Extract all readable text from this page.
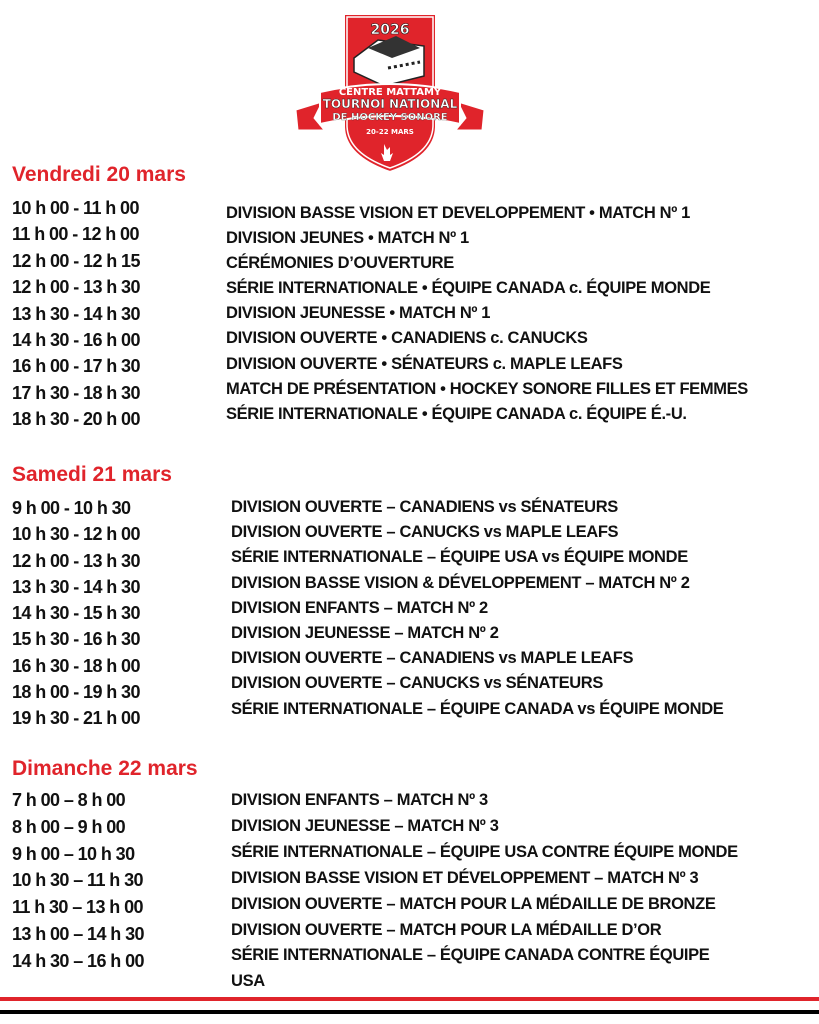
2026
CENTRE MATTAMY
TOURNOI NATIONAL
DE HOCKEY SONORE
20-22 MARS
Vendredi 20 mars
10 h 00 - 11 h 00
11 h 00 - 12 h 00
12 h 00 - 12 h 15
12 h 00 - 13 h 30
13 h 30 - 14 h 30
14 h 30 - 16 h 00
16 h 00 - 17 h 30
17 h 30 - 18 h 30
18 h 30 - 20 h 00
DIVISION BASSE VISION ET DEVELOPPEMENT • MATCH Nº 1
DIVISION JEUNES • MATCH Nº 1
CÉRÉMONIES D’OUVERTURE
SÉRIE INTERNATIONALE • ÉQUIPE CANADA c. ÉQUIPE MONDE
DIVISION JEUNESSE • MATCH Nº 1
DIVISION OUVERTE • CANADIENS c. CANUCKS
DIVISION OUVERTE • SÉNATEURS c. MAPLE LEAFS
MATCH DE PRÉSENTATION • HOCKEY SONORE FILLES ET FEMMES
SÉRIE INTERNATIONALE • ÉQUIPE CANADA c. ÉQUIPE É.-U.
Samedi 21 mars
9 h 00 - 10 h 30
10 h 30 - 12 h 00
12 h 00 - 13 h 30
13 h 30 - 14 h 30
14 h 30 - 15 h 30
15 h 30 - 16 h 30
16 h 30 - 18 h 00
18 h 00 - 19 h 30
19 h 30 - 21 h 00
DIVISION OUVERTE – CANADIENS vs SÉNATEURS
DIVISION OUVERTE – CANUCKS vs MAPLE LEAFS
SÉRIE INTERNATIONALE – ÉQUIPE USA vs ÉQUIPE MONDE
DIVISION BASSE VISION & DÉVELOPPEMENT – MATCH Nº 2
DIVISION ENFANTS – MATCH Nº 2
DIVISION JEUNESSE – MATCH Nº 2
DIVISION OUVERTE – CANADIENS vs MAPLE LEAFS
DIVISION OUVERTE – CANUCKS vs SÉNATEURS
SÉRIE INTERNATIONALE – ÉQUIPE CANADA vs ÉQUIPE MONDE
Dimanche 22 mars
7 h 00 – 8 h 00
8 h 00 – 9 h 00
9 h 00 – 10 h 30
10 h 30 – 11 h 30
11 h 30 – 13 h 00
13 h 00 – 14 h 30
14 h 30 – 16 h 00
DIVISION ENFANTS – MATCH Nº 3
DIVISION JEUNESSE – MATCH Nº 3
SÉRIE INTERNATIONALE – ÉQUIPE USA CONTRE ÉQUIPE MONDE
DIVISION BASSE VISION ET DÉVELOPPEMENT – MATCH Nº 3
DIVISION OUVERTE – MATCH POUR LA MÉDAILLE DE BRONZE
DIVISION OUVERTE – MATCH POUR LA MÉDAILLE D’OR
SÉRIE INTERNATIONALE – ÉQUIPE CANADA CONTRE ÉQUIPE
USA
